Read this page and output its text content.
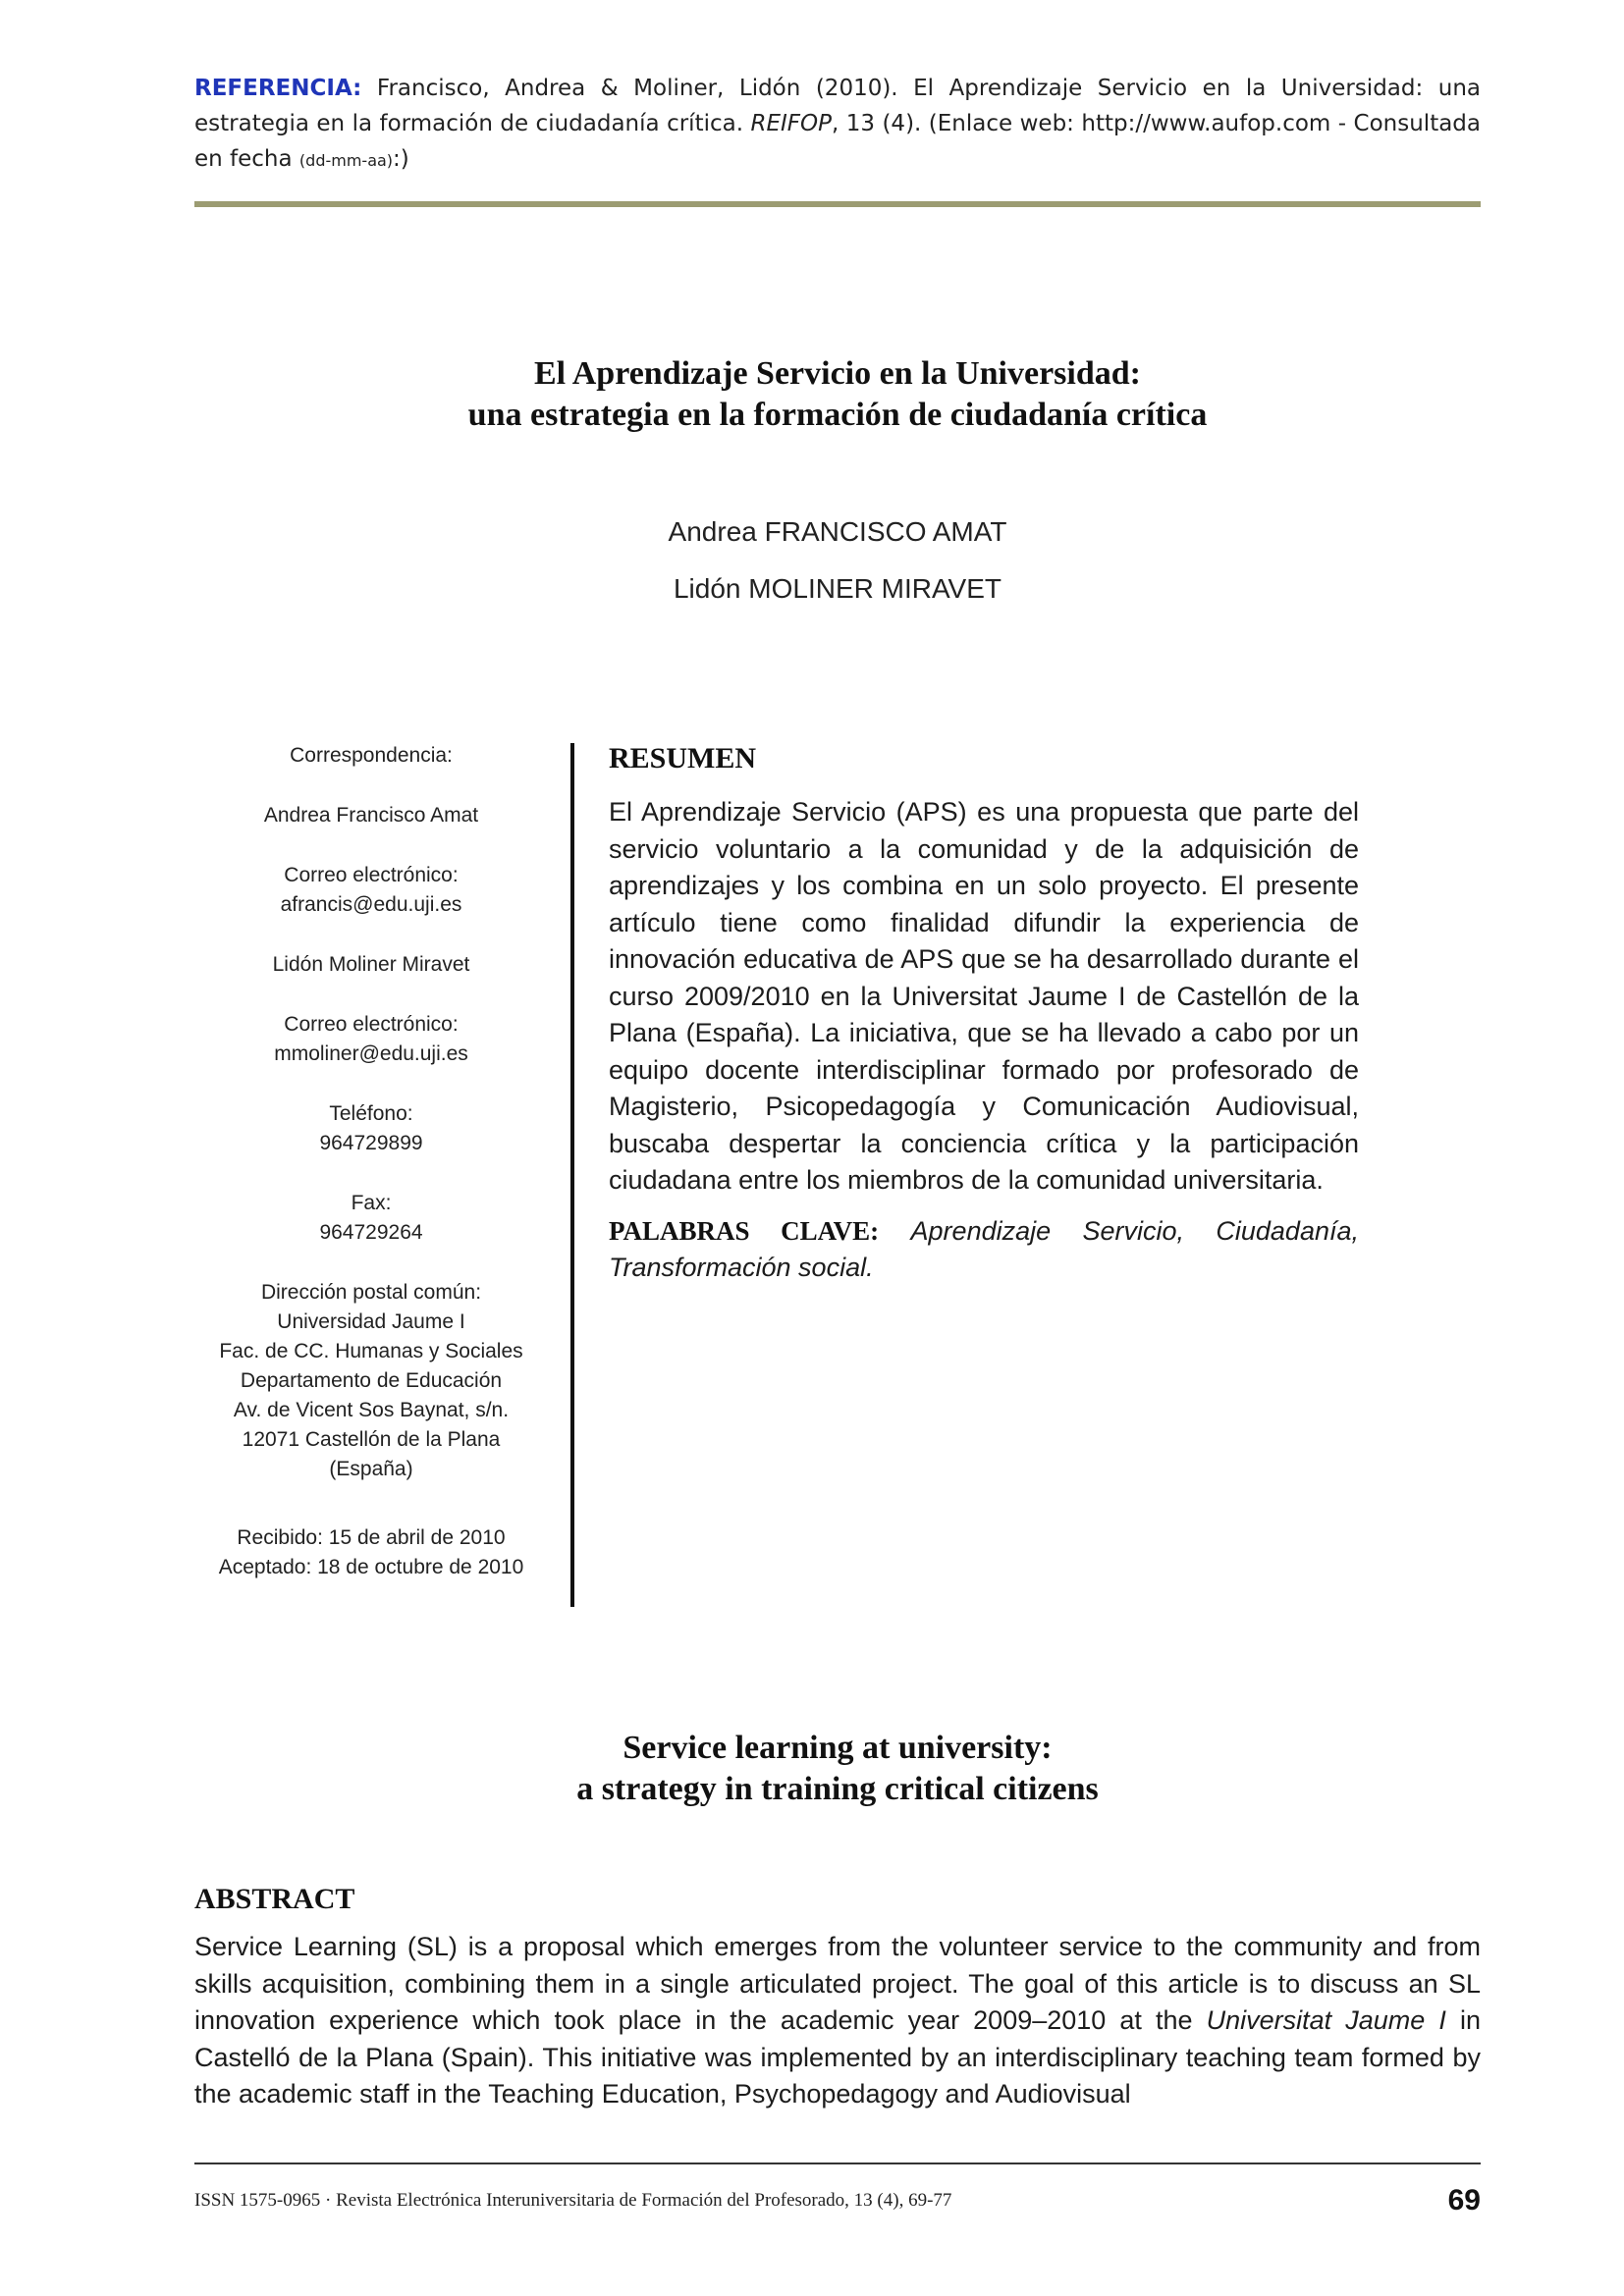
REFERENCIA: Francisco, Andrea & Moliner, Lidón (2010). El Aprendizaje Servicio en la Universidad: una estrategia en la formación de ciudadanía crítica. REIFOP, 13 (4). (Enlace web: http://www.aufop.com - Consultada en fecha (dd-mm-aa):)
El Aprendizaje Servicio en la Universidad:
una estrategia en la formación de ciudadanía crítica
Andrea FRANCISCO AMAT
Lidón MOLINER MIRAVET

Correspondencia:

Andrea Francisco Amat

Correo electrónico:
afrancis@edu.uji.es

Lidón Moliner Miravet

Correo electrónico:
mmoliner@edu.uji.es

Teléfono:
964729899

Fax:
964729264

Dirección postal común:
Universidad Jaume I
Fac. de CC. Humanas y Sociales
Departamento de Educación
Av. de Vicent Sos Baynat, s/n.
12071 Castellón de la Plana
(España)

Recibido: 15 de abril de 2010
Aceptado: 18 de octubre de 2010

RESUMEN

El Aprendizaje Servicio (APS) es una propuesta que parte del servicio voluntario a la comunidad y de la adquisición de aprendizajes y los combina en un solo proyecto. El presente artículo tiene como finalidad difundir la experiencia de innovación educativa de APS que se ha desarrollado durante el curso 2009/2010 en la Universitat Jaume I de Castellón de la Plana (España). La iniciativa, que se ha llevado a cabo por un equipo docente interdisciplinar formado por profesorado de Magisterio, Psicopedagogía y Comunicación Audiovisual, buscaba despertar la conciencia crítica y la participación ciudadana entre los miembros de la comunidad universitaria.

PALABRAS CLAVE: Aprendizaje Servicio, Ciudadanía, Transformación social.

Service learning at university:
a strategy in training critical citizens
ABSTRACT

Service Learning (SL) is a proposal which emerges from the volunteer service to the community and from skills acquisition, combining them in a single articulated project. The goal of this article is to discuss an SL innovation experience which took place in the academic year 2009–2010 at the Universitat Jaume I in Castelló de la Plana (Spain). This initiative was implemented by an interdisciplinary teaching team formed by the academic staff in the Teaching Education, Psychopedagogy and Audiovisual

ISSN 1575-0965 · Revista Electrónica Interuniversitaria de Formación del Profesorado, 13 (4), 69-77	69
